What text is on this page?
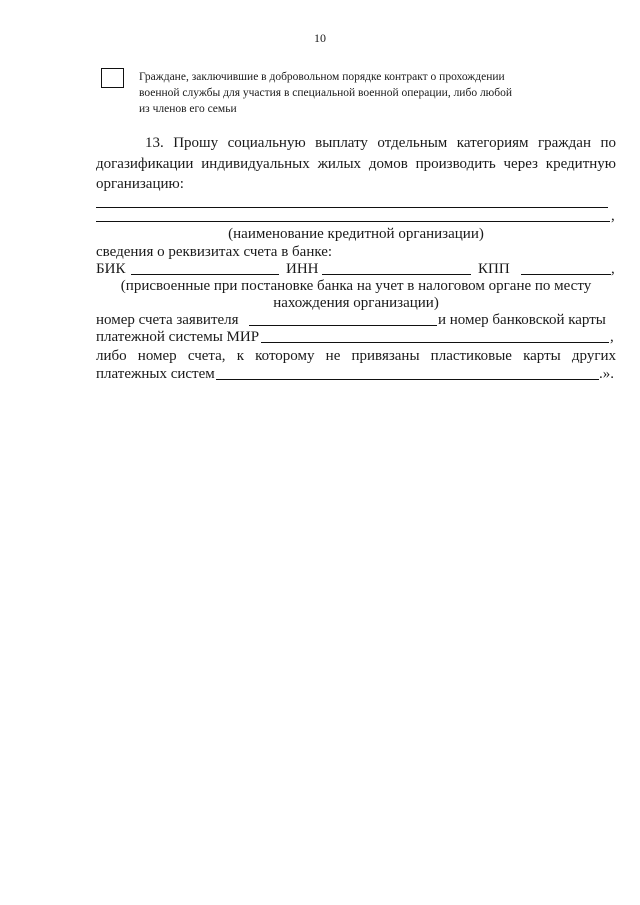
10
Граждане, заключившие в добровольном порядке контракт о прохождении
военной службы для участия в специальной военной операции, либо любой
из членов его семьи
13. Прошу социальную выплату отдельным категориям граждан по
догазификации индивидуальных жилых домов производить через кредитную
организацию:
,
(наименование кредитной организации)
сведения о реквизитах счета в банке:
БИК	ИНН	КПП	,
(присвоенные при постановке банка на учет в налоговом органе по месту
нахождения организации)
номер счета заявителя	и номер банковской карты
платежной системы МИР	,
либо номер счета, к которому не привязаны пластиковые карты других
платежных систем	.».
